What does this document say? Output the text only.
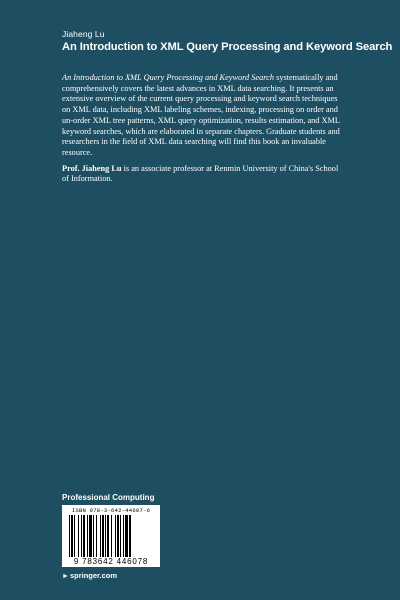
Jiaheng Lu
An Introduction to XML Query Processing and Keyword Search

An Introduction to XML Query Processing and Keyword Search systematically and comprehensively covers the latest advances in XML data searching. It presents an extensive overview of the current query processing and keyword search techniques on XML data, including XML labeling schemes, indexing, processing on order and un-order XML tree patterns, XML query optimization, results estimation, and XML keyword searches, which are elaborated in separate chapters. Graduate students and researchers in the field of XML data searching will find this book an invaluable resource.

Prof. Jiaheng Lu is an associate professor at Renmin University of China's School of Information.

Professional Computing
ISBN 978-3-642-44607-6
9 783642 446078
►springer.com
